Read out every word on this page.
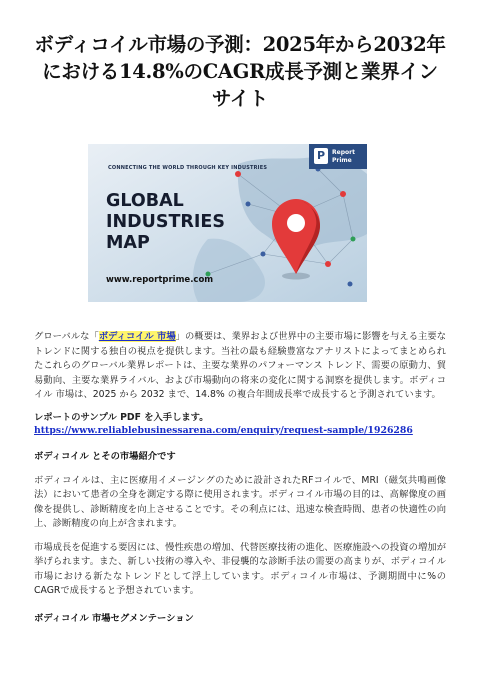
ボディコイル市場の予測：2025年から2032年における14.8%のCAGR成長予測と業界インサイト
CONNECTING THE WORLD THROUGH KEY INDUSTRIES
GLOBAL
INDUSTRIES
MAP
www.reportprime.com
P Report
Prime

グローバルな「ボディコイル 市場」の概要は、業界および世界中の主要市場に影響を与える主要なトレンドに関する独自の視点を提供します。当社の最も経験豊富なアナリストによってまとめられたこれらのグローバル業界レポートは、主要な業界のパフォーマンス トレンド、需要の原動力、貿易動向、主要な業界ライバル、および市場動向の将来の変化に関する洞察を提供します。ボディコイル 市場は、2025 から 2032 まで、14.8% の複合年間成長率で成長すると予測されています。

レポートのサンプル PDF を入手します。https://www.reliablebusinessarena.com/enquiry/request-sample/1926286
ボディコイル とその市場紹介です

ボディコイルは、主に医療用イメージングのために設計されたRFコイルで、MRI（磁気共鳴画像法）において患者の全身を測定する際に使用されます。ボディコイル市場の目的は、高解像度の画像を提供し、診断精度を向上させることです。その利点には、迅速な検査時間、患者の快適性の向上、診断精度の向上が含まれます。

市場成長を促進する要因には、慢性疾患の増加、代替医療技術の進化、医療施設への投資の増加が挙げられます。また、新しい技術の導入や、非侵襲的な診断手法の需要の高まりが、ボディコイル市場における新たなトレンドとして浮上しています。ボディコイル市場は、予測期間中に%のCAGRで成長すると予想されています。

ボディコイル 市場セグメンテーション
